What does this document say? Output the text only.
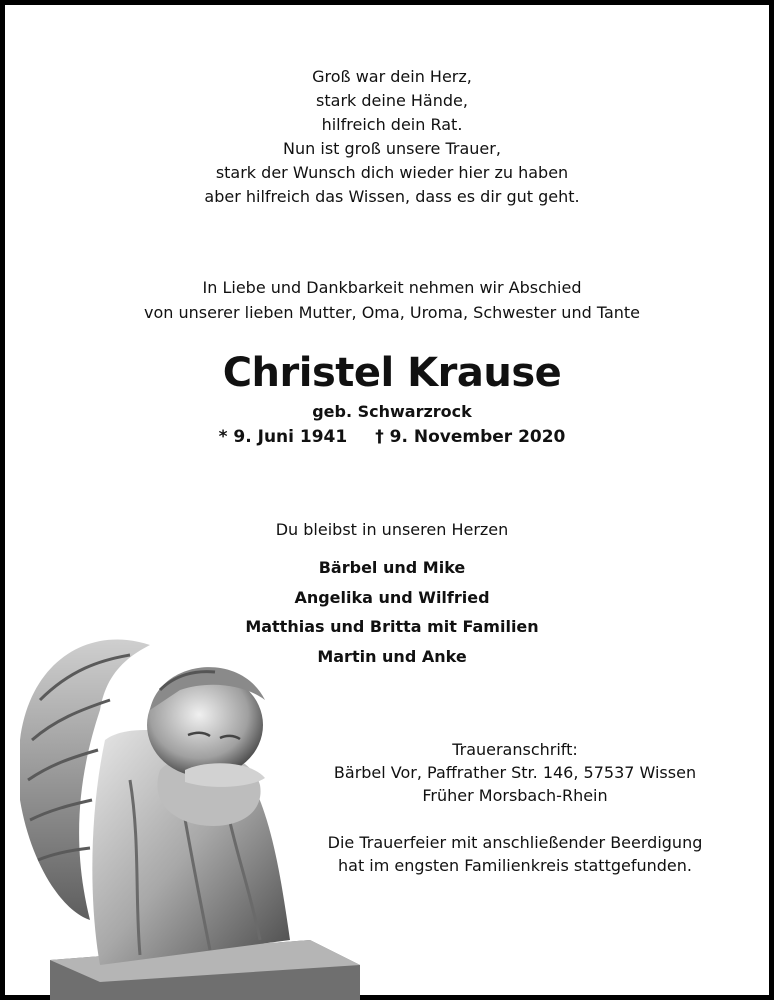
Groß war dein Herz,
stark deine Hände,
hilfreich dein Rat.
Nun ist groß unsere Trauer,
stark der Wunsch dich wieder hier zu haben
aber hilfreich das Wissen, dass es dir gut geht.
In Liebe und Dankbarkeit nehmen wir Abschied
von unserer lieben Mutter, Oma, Uroma, Schwester und Tante
Christel Krause
geb. Schwarzrock
* 9. Juni 1941 † 9. November 2020
Du bleibst in unseren Herzen
Bärbel und Mike
Angelika und Wilfried
Matthias und Britta mit Familien
Martin und Anke
Traueranschrift:
Bärbel Vor, Paffrather Str. 146, 57537 Wissen
Früher Morsbach-Rhein
Die Trauerfeier mit anschließender Beerdigung
hat im engsten Familienkreis stattgefunden.
